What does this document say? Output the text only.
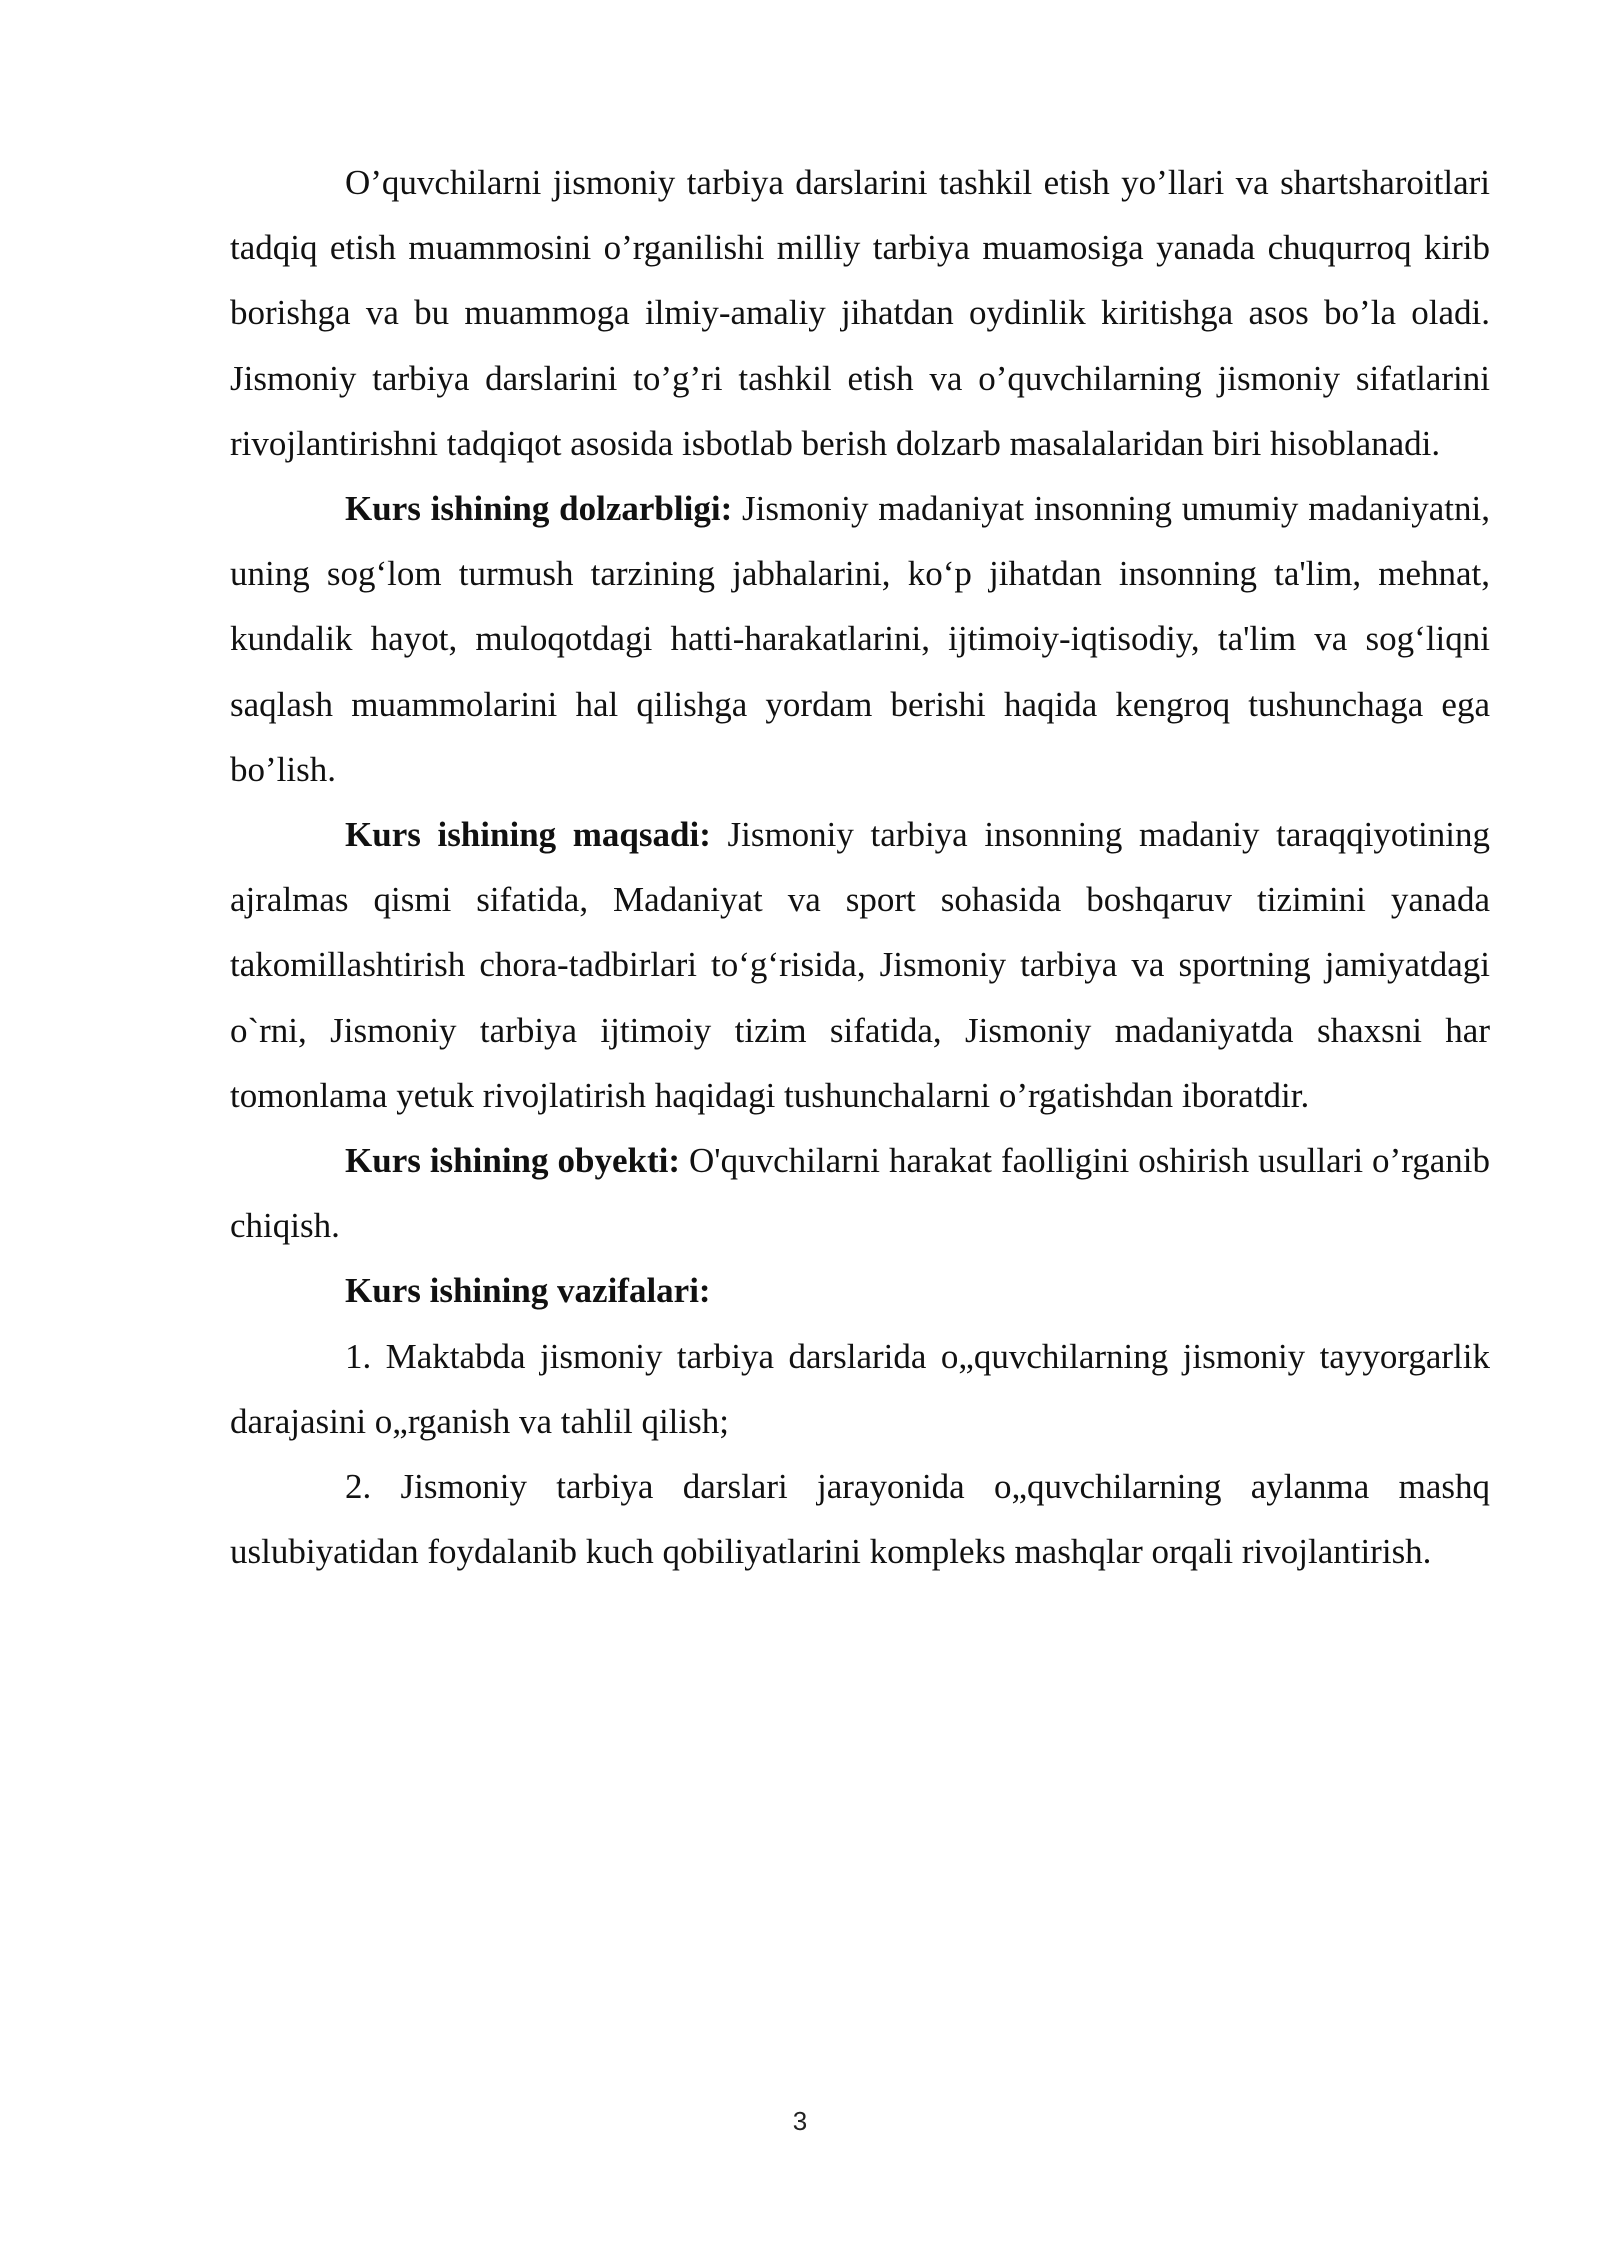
O’quvchilarni jismoniy tarbiya darslarini tashkil etish yo’llari va shartsharoitlari tadqiq etish muammosini o’rganilishi milliy tarbiya muamosiga yanada chuqurroq kirib borishga va bu muammoga ilmiy-amaliy jihatdan oydinlik kiritishga asos bo’la oladi. Jismoniy tarbiya darslarini to’g’ri tashkil etish va o’quvchilarning jismoniy sifatlarini rivojlantirishni tadqiqot asosida isbotlab berish dolzarb masalalaridan biri hisoblanadi.

Kurs ishining dolzarbligi: Jismoniy madaniyat insonning umumiy madaniyatni, uning sog‘lom turmush tarzining jabhalarini, ko‘p jihatdan insonning ta'lim, mehnat, kundalik hayot, muloqotdagi hatti-harakatlarini, ijtimoiy-iqtisodiy, ta'lim va sog‘liqni saqlash muammolarini hal qilishga yordam berishi haqida kengroq tushunchaga ega bo’lish.

Kurs ishining maqsadi: Jismoniy tarbiya insonning madaniy taraqqiyotining ajralmas qismi sifatida, Madaniyat va sport sohasida boshqaruv tizimini yanada takomillashtirish chora-tadbirlari to‘g‘risida, Jismoniy tarbiya va sportning jamiyatdagi o`rni, Jismoniy tarbiya ijtimoiy tizim sifatida, Jismoniy madaniyatda shaxsni har tomonlama yetuk rivojlatirish haqidagi tushunchalarni o’rgatishdan iboratdir.

Kurs ishining obyekti: O'quvchilarni harakat faolligini oshirish usullari o’rganib chiqish.

Kurs ishining vazifalari:

1. Maktabda jismoniy tarbiya darslarida o„quvchilarning jismoniy tayyorgarlik darajasini o„rganish va tahlil qilish;

2. Jismoniy tarbiya darslari jarayonida o„quvchilarning aylanma mashq uslubiyatidan foydalanib kuch qobiliyatlarini kompleks mashqlar orqali rivojlantirish.

3
